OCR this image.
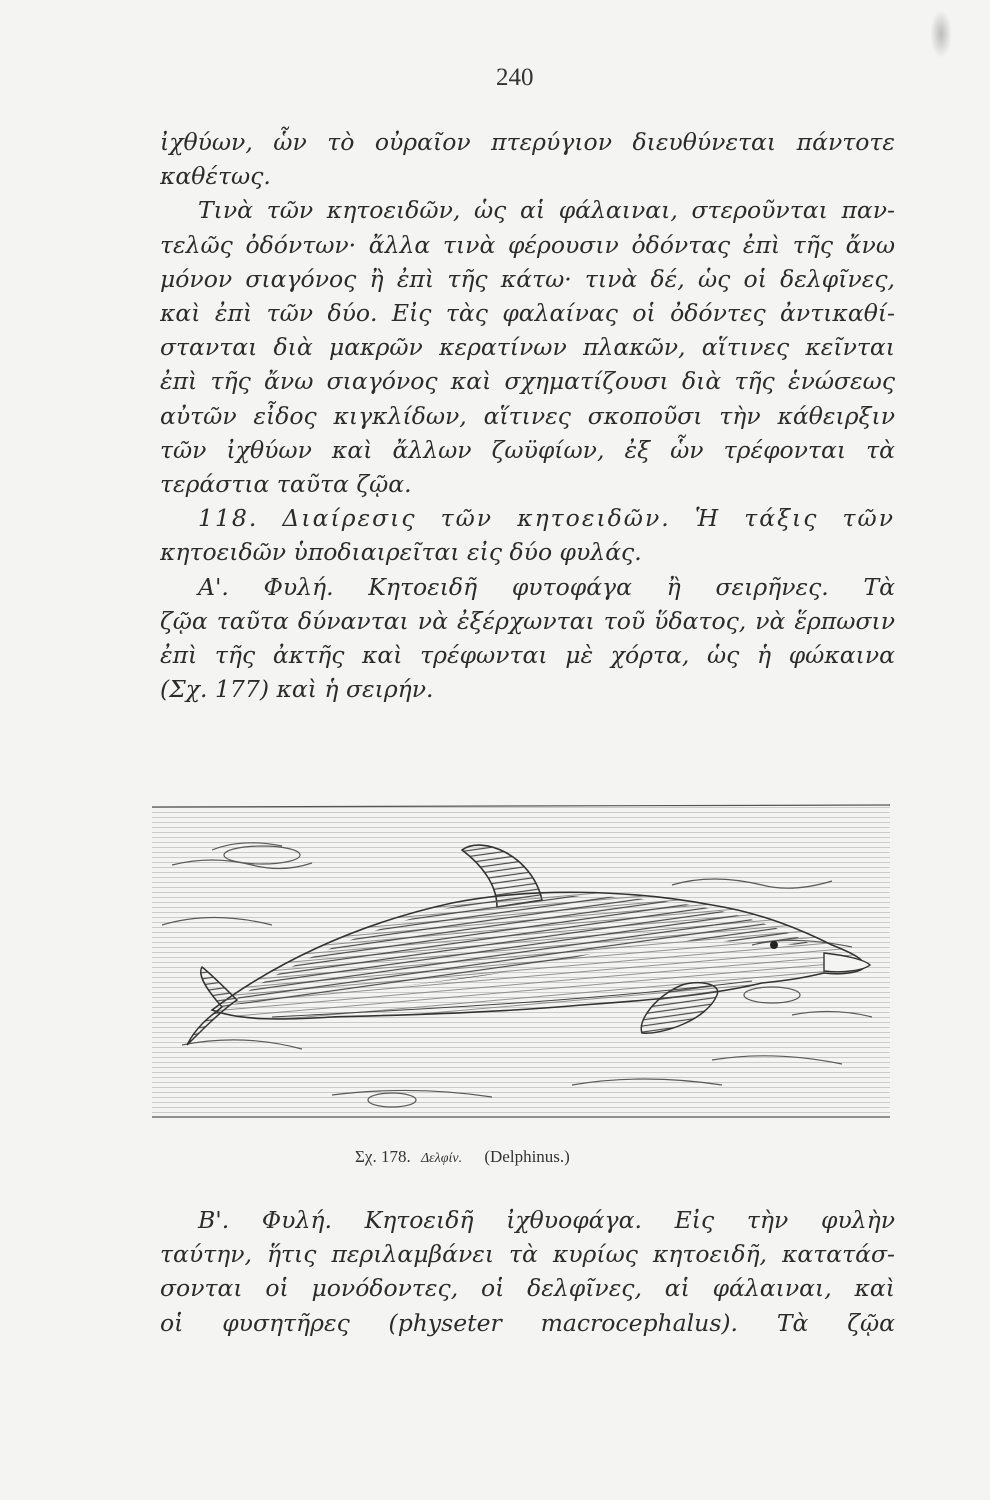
240
ἰχθύων, ὧν τὸ οὐραῖον πτερύγιον διευθύνεται πάντοτε
καθέτως.
Τινὰ τῶν κητοειδῶν, ὡς αἱ φάλαιναι, στεροῦνται παν-
τελῶς ὀδόντων· ἄλλα τινὰ φέρουσιν ὀδόντας ἐπὶ τῆς ἄνω
μόνον σιαγόνος ἢ ἐπὶ τῆς κάτω· τινὰ δέ, ὡς οἱ δελφῖνες,
καὶ ἐπὶ τῶν δύο. Εἰς τὰς φαλαίνας οἱ ὀδόντες ἀντικαθί-
στανται διὰ μακρῶν κερατίνων πλακῶν, αἵτινες κεῖνται
ἐπὶ τῆς ἄνω σιαγόνος καὶ σχηματίζουσι διὰ τῆς ἑνώσεως
αὐτῶν εἶδος κιγκλίδων, αἵτινες σκοποῦσι τὴν κάθειρξιν
τῶν ἰχθύων καὶ ἄλλων ζωϋφίων, ἐξ ὧν τρέφονται τὰ
τεράστια ταῦτα ζῷα.
118. Διαίρεσις τῶν κητοειδῶν. Ἡ τάξις τῶν
κητοειδῶν ὑποδιαιρεῖται εἰς δύο φυλάς.
Α'. Φυλή. Κητοειδῆ φυτοφάγα ἢ σειρῆνες. Τὰ
ζῷα ταῦτα δύνανται νὰ ἐξέρχωνται τοῦ ὕδατος, νὰ ἕρπωσιν
ἐπὶ τῆς ἀκτῆς καὶ τρέφωνται μὲ χόρτα, ὡς ἡ φώκαινα
(Σχ. 177) καὶ ἡ σειρήν.
Σχ. 178. Δελφίν. (Delphinus.)
Β'. Φυλή. Κητοειδῆ ἰχθυοφάγα. Εἰς τὴν φυλὴν
ταύτην, ἥτις περιλαμβάνει τὰ κυρίως κητοειδῆ, κατατάσ-
σονται οἱ μονόδοντες, οἱ δελφῖνες, αἱ φάλαιναι, καὶ
οἱ φυσητῆρες (physeter macrocephalus). Τὰ ζῷα
